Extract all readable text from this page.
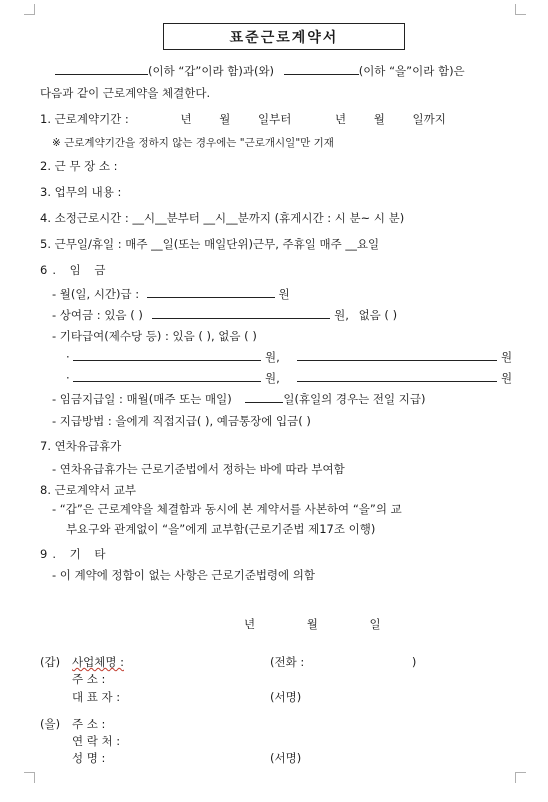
표준근로계약서
(이하 “갑”이라 함)과(와)	(이하 “을”이라 함)은
다음과 같이 근로계약을 체결한다.
1. 근로계약기간 :	년 월 일부터	년 월 일까지
※ 근로계약기간을 정하지 않는 경우에는 "근로개시일"만 기재
2. 근 무 장 소 :
3. 업무의 내용 :
4. 소정근로시간 : __시__분부터 __시__분까지 (휴게시간 : 시 분~ 시 분)
5. 근무일/휴일 : 매주 __일(또는 매일단위)근무, 주휴일 매주 __요일
6. 임 금
- 월(일, 시간)급 :	원
- 상여금 : 있음 ( )	원, 없음 ( )
- 기타급여(제수당 등) : 있음 ( ), 없음 ( )
·	원,	원
·	원,	원
- 임금지급일 : 매월(매주 또는 매일)	일(휴일의 경우는 전일 지급)
- 지급방법 : 을에게 직접지급( ), 예금통장에 입금( )
7. 연차유급휴가
- 연차유급휴가는 근로기준법에서 정하는 바에 따라 부여함
8. 근로계약서 교부
- “갑”은 근로계약을 체결함과 동시에 본 계약서를 사본하여 “을”의 교
부요구와 관계없이 “을”에게 교부함(근로기준법 제17조 이행)
9. 기 타
- 이 계약에 정함이 없는 사항은 근로기준법령에 의함
년	월	일
(갑) 사업체명 :	(전화 :	)
주 소 :
대 표 자 :	(서명)
(을) 주 소 :
연 락 처 :
성 명 :	(서명)
